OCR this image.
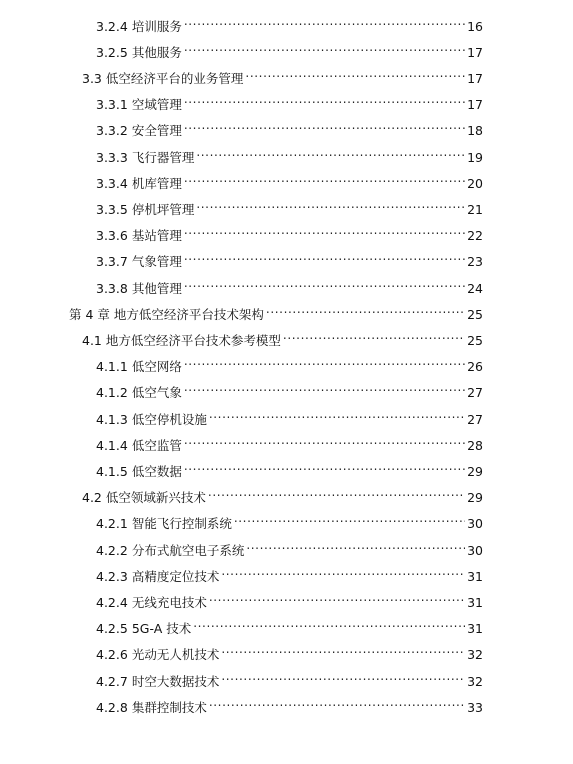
3.2.4 培训服务 .....	16
3.2.5 其他服务 .....	17
3.3 低空经济平台的业务管理 .....	17
3.3.1 空域管理 .....	17
3.3.2 安全管理 .....	18
3.3.3 飞行器管理 .....	19
3.3.4 机库管理 .....	20
3.3.5 停机坪管理 .....	21
3.3.6 基站管理 .....	22
3.3.7 气象管理 .....	23
3.3.8 其他管理 .....	24
第 4 章 地方低空经济平台技术架构 .....	25
4.1 地方低空经济平台技术参考模型 .....	25
4.1.1 低空网络 .....	26
4.1.2 低空气象 .....	27
4.1.3 低空停机设施 .....	27
4.1.4 低空监管 .....	28
4.1.5 低空数据 .....	29
4.2 低空领域新兴技术 .....	29
4.2.1 智能飞行控制系统 .....	30
4.2.2 分布式航空电子系统 .....	30
4.2.3 高精度定位技术 .....	31
4.2.4 无线充电技术 .....	31
4.2.5 5G-A 技术 .....	31
4.2.6 光动无人机技术 .....	32
4.2.7 时空大数据技术 .....	32
4.2.8 集群控制技术 .....	33
